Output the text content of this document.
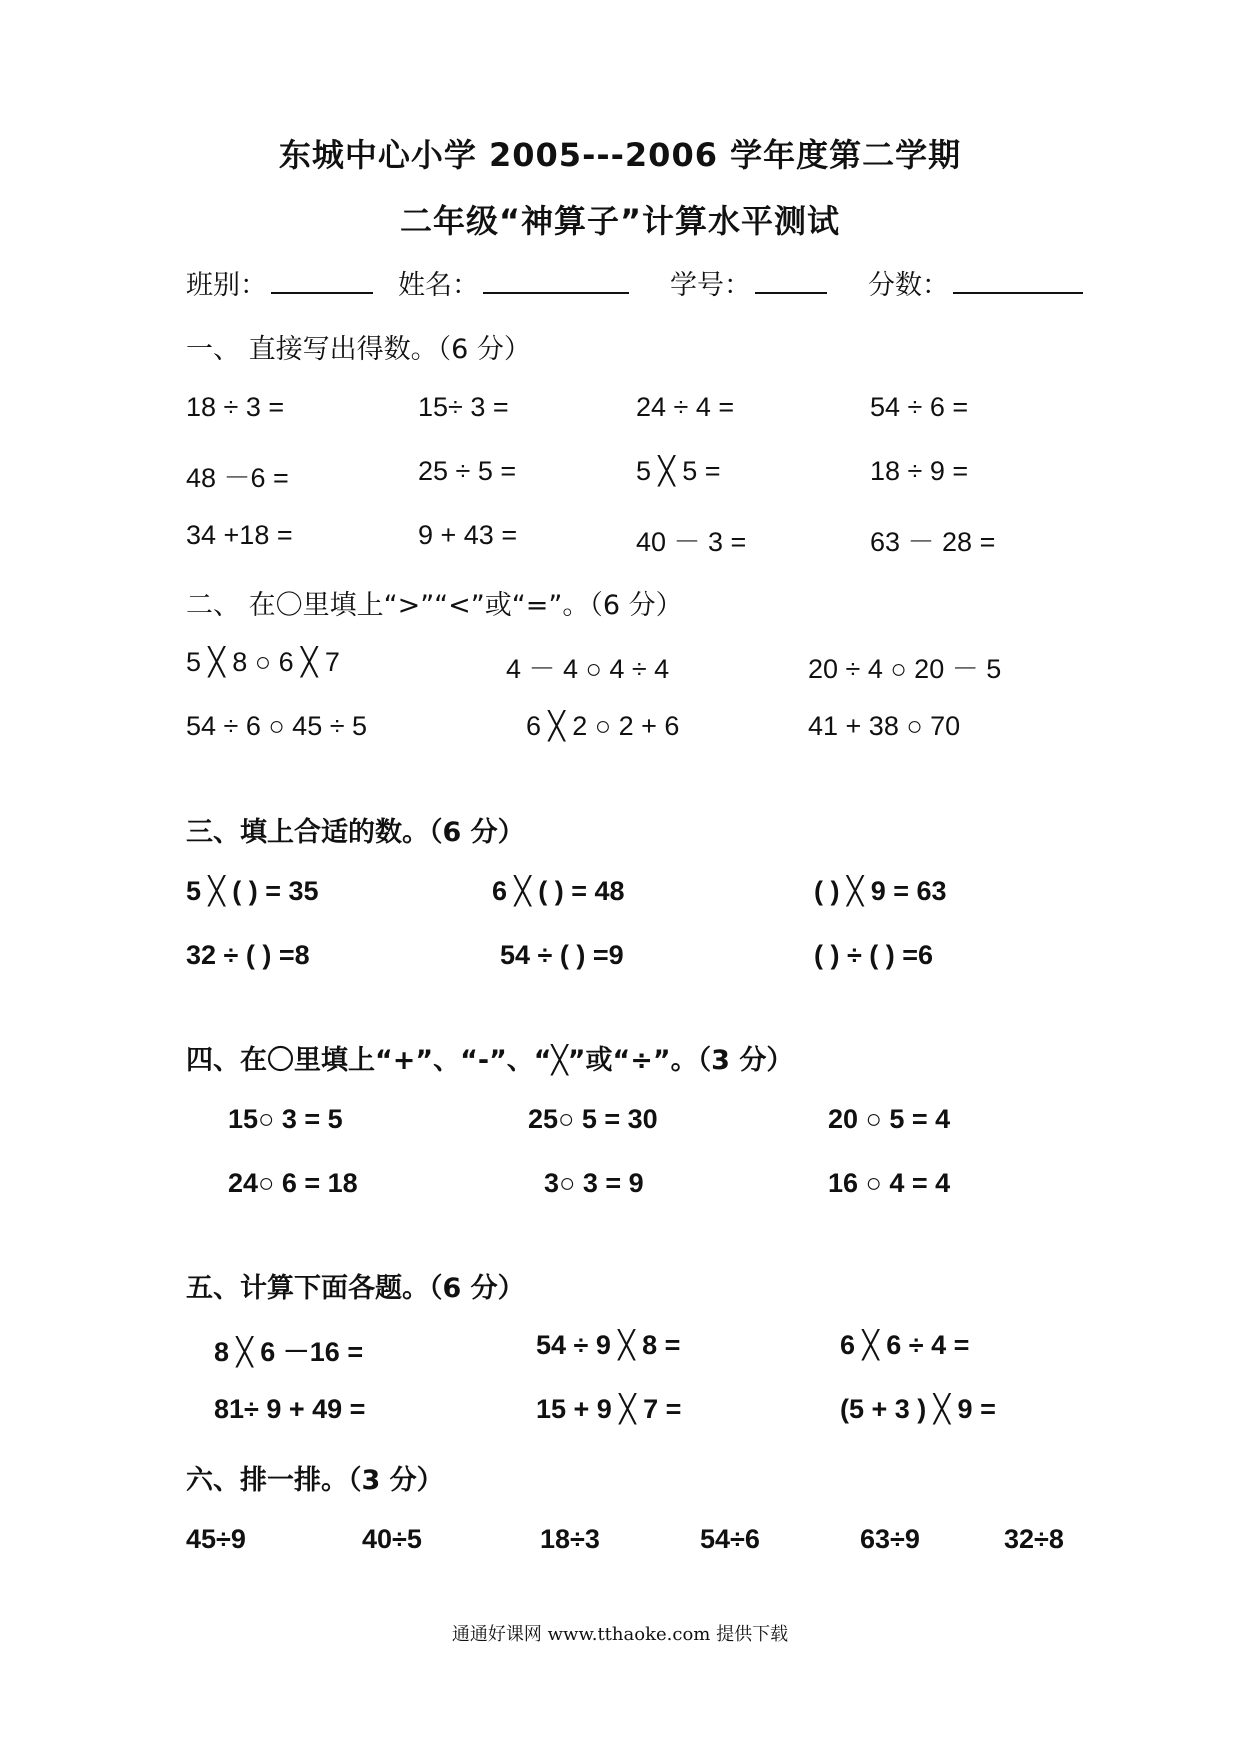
东城中心小学 2005---2006 学年度第二学期
二年级“神算子”计算水平测试
班别：	姓名：	学号：	分数：
一、 直接写出得数。（6 分）
18 ÷ 3 =	15÷ 3 =	24 ÷ 4 =	54 ÷ 6 =
48 －6 =	25 ÷ 5 =	5 ╳ 5 =	18 ÷ 9 =
34 +18 =	9 + 43 =	40 － 3 =	63 － 28 =
二、 在〇里填上“>”“<”或“=”。（6 分）
5 ╳ 8 ○ 6 ╳ 7	4 － 4 ○ 4 ÷ 4	20 ÷ 4 ○ 20 － 5
54 ÷ 6 ○ 45 ÷ 5	6 ╳ 2 ○ 2 + 6	41 + 38 ○ 70
三、填上合适的数。（6 分）
5 ╳ ( ) = 35	6 ╳ ( ) = 48	( ) ╳ 9 = 63
32 ÷ ( ) =8	54 ÷ ( ) =9	( ) ÷ ( ) =6
四、在〇里填上“+”、“-”、“╳”或“÷”。（3 分）
15○ 3 = 5	25○ 5 = 30	20 ○ 5 = 4
24○ 6 = 18	3○ 3 = 9	16 ○ 4 = 4
五、计算下面各题。（6 分）
8 ╳ 6 －16 =	54 ÷ 9 ╳ 8 =	6 ╳ 6 ÷ 4 =
81÷ 9 + 49 =	15 + 9 ╳ 7 =	(5 + 3 ) ╳ 9 =
六、排一排。（3 分）
45÷9	40÷5	18÷3	54÷6	63÷9	32÷8
通通好课网 www.tthaoke.com 提供下载
